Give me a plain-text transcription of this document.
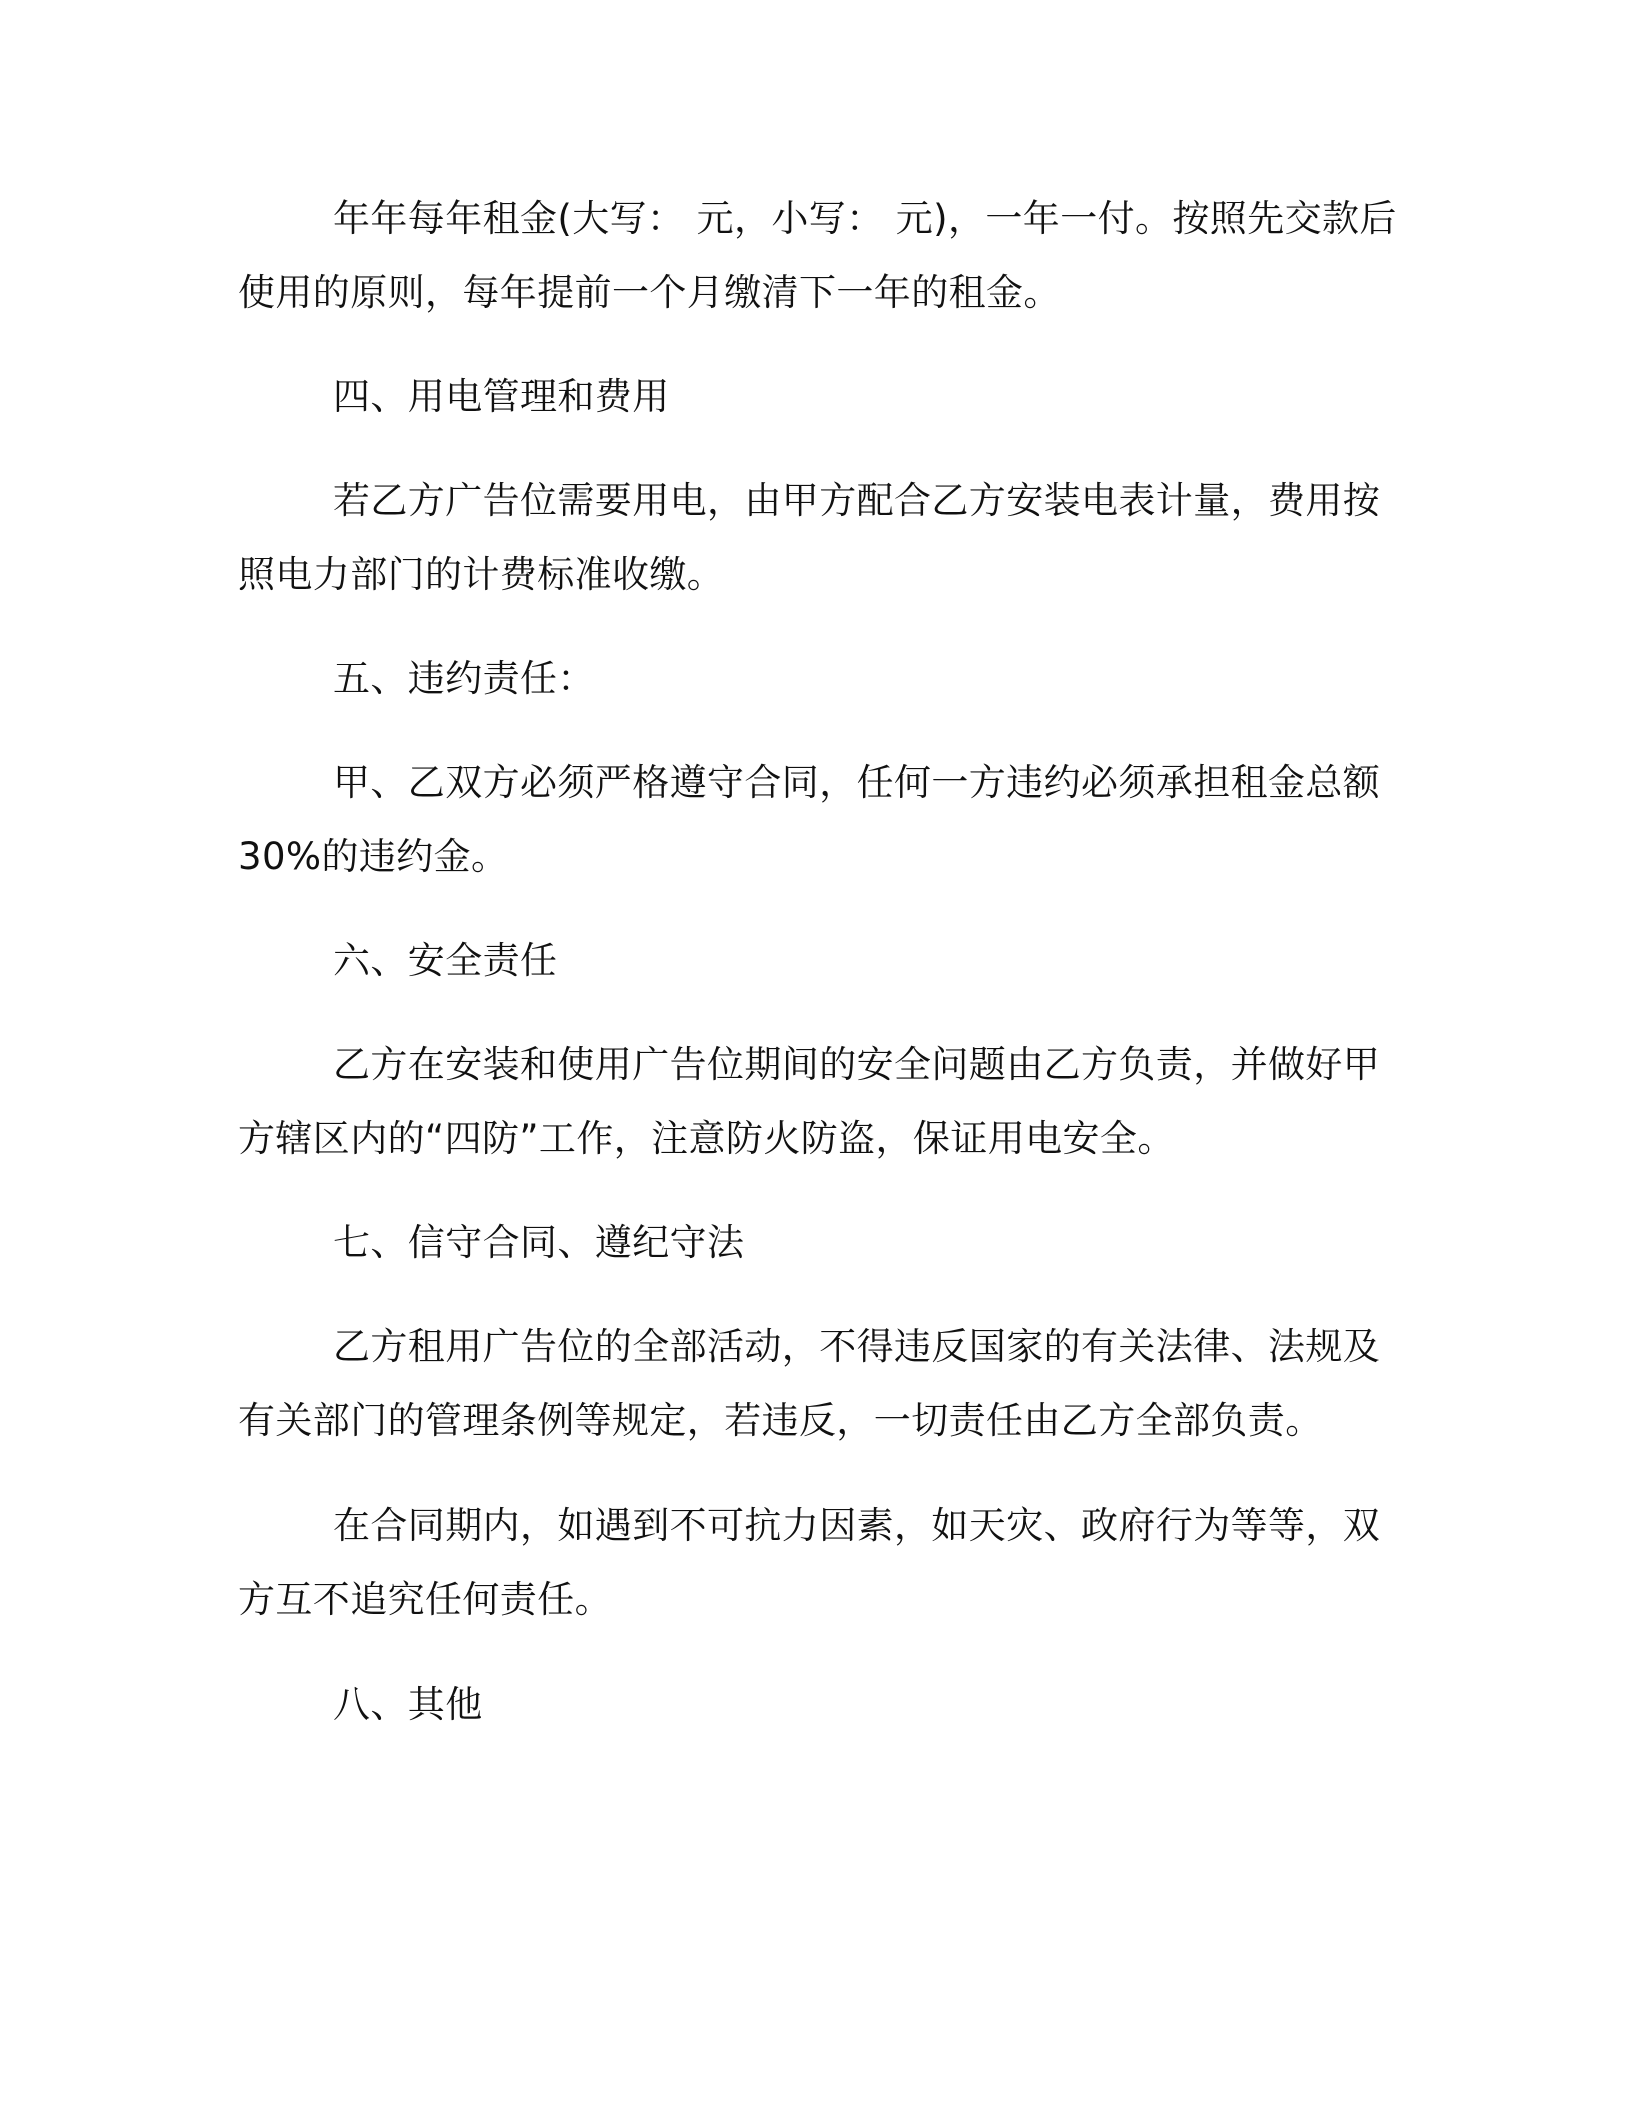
年年每年租金(大写： 元，小写： 元)，一年一付。按照先交款后

使用的原则，每年提前一个月缴清下一年的租金。

四、用电管理和费用

若乙方广告位需要用电，由甲方配合乙方安装电表计量，费用按

照电力部门的计费标准收缴。

五、违约责任：

甲、乙双方必须严格遵守合同，任何一方违约必须承担租金总额

30%的违约金。

六、安全责任

乙方在安装和使用广告位期间的安全问题由乙方负责，并做好甲

方辖区内的“四防”工作，注意防火防盗，保证用电安全。

七、信守合同、遵纪守法

乙方租用广告位的全部活动，不得违反国家的有关法律、法规及

有关部门的管理条例等规定，若违反，一切责任由乙方全部负责。

在合同期内，如遇到不可抗力因素，如天灾、政府行为等等，双

方互不追究任何责任。

八、其他
